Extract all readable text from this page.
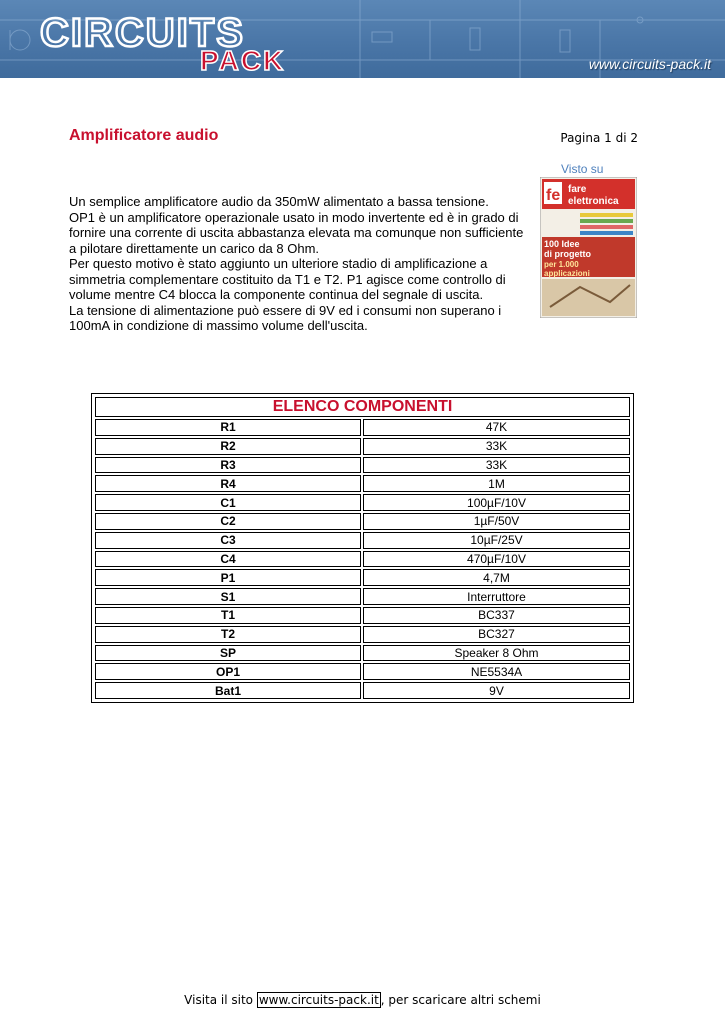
CIRCUITS
PACK	www.circuits-pack.it
Amplificatore audio	Pagina 1 di 2
Visto su
fe fare
elettronica
100 Idee
di progetto
per 1.000
applicazioni

Un semplice amplificatore audio da 350mW alimentato a bassa tensione.

OP1 è un amplificatore operazionale usato in modo invertente ed è in grado di fornire una corrente di uscita abbastanza elevata ma comunque non sufficiente a pilotare direttamente un carico da 8 Ohm.

Per questo motivo è stato aggiunto un ulteriore stadio di amplificazione a simmetria complementare costituito da T1 e T2. P1 agisce come controllo di volume mentre C4 blocca la componente continua del segnale di uscita.

La tensione di alimentazione può essere di 9V ed i consumi non superano i 100mA in condizione di massimo volume dell'uscita.

ELENCO COMPONENTI	
R1	47K
R2	33K
R3	33K
R4	1M
C1	100µF/10V
C2	1µF/50V
C3	10µF/25V
C4	470µF/10V
P1	4,7M
S1	Interruttore
T1	BC337
T2	BC327
SP	Speaker 8 Ohm
OP1	NE5534A
Bat1	9V
Visita il sito www.circuits-pack.it , per scaricare altri schemi
